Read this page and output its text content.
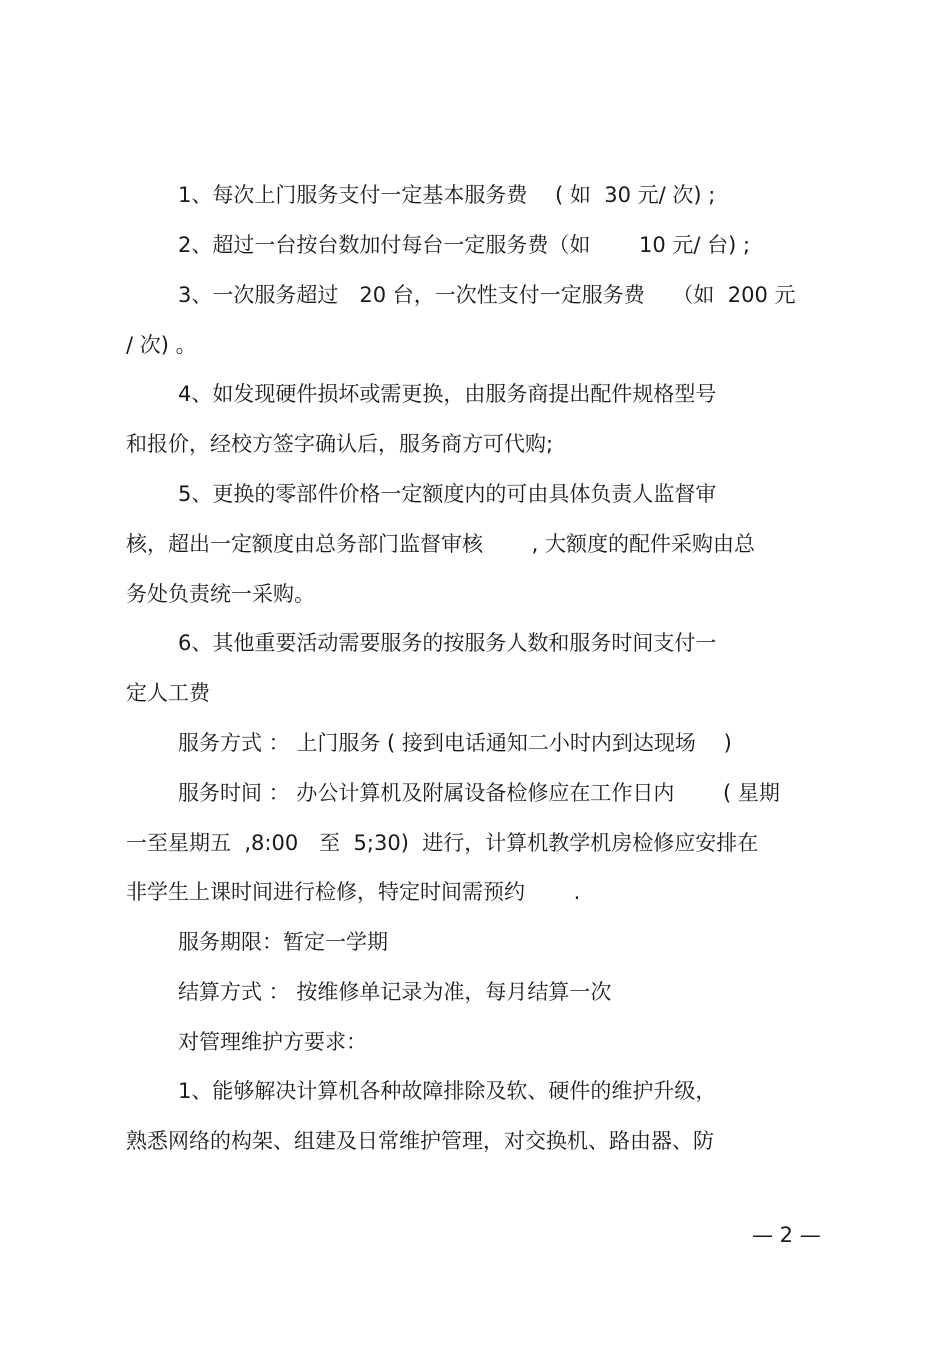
1、每次上门服务支付一定基本服务费　 ( 如  30 元/ 次) ;
2、超过一台按台数加付每台一定服务费（如　　 10 元/ 台) ;
3、一次服务超过　20 台，一次性支付一定服务费　 （如  200 元
/ 次) 。
4、如发现硬件损坏或需更换，由服务商提出配件规格型号
和报价，经校方签字确认后，服务商方可代购;
5、更换的零部件价格一定额度内的可由具体负责人监督审
核，超出一定额度由总务部门监督审核　　 , 大额度的配件采购由总
务处负责统一采购。
6、其他重要活动需要服务的按服务人数和服务时间支付一
定人工费
服务方式 ： 上门服务 ( 接到电话通知二小时内到达现场　 )
服务时间 ： 办公计算机及附属设备检修应在工作日内　　 ( 星期
一至星期五  ,8:00　至  5;30)  进行，计算机教学机房检修应安排在
非学生上课时间进行检修，特定时间需预约　　 .
服务期限：暂定一学期
结算方式 ： 按维修单记录为准，每月结算一次
对管理维护方要求：
1、能够解决计算机各种故障排除及软、硬件的维护升级，
熟悉网络的构架、组建及日常维护管理，对交换机、路由器、防
— 2 —
